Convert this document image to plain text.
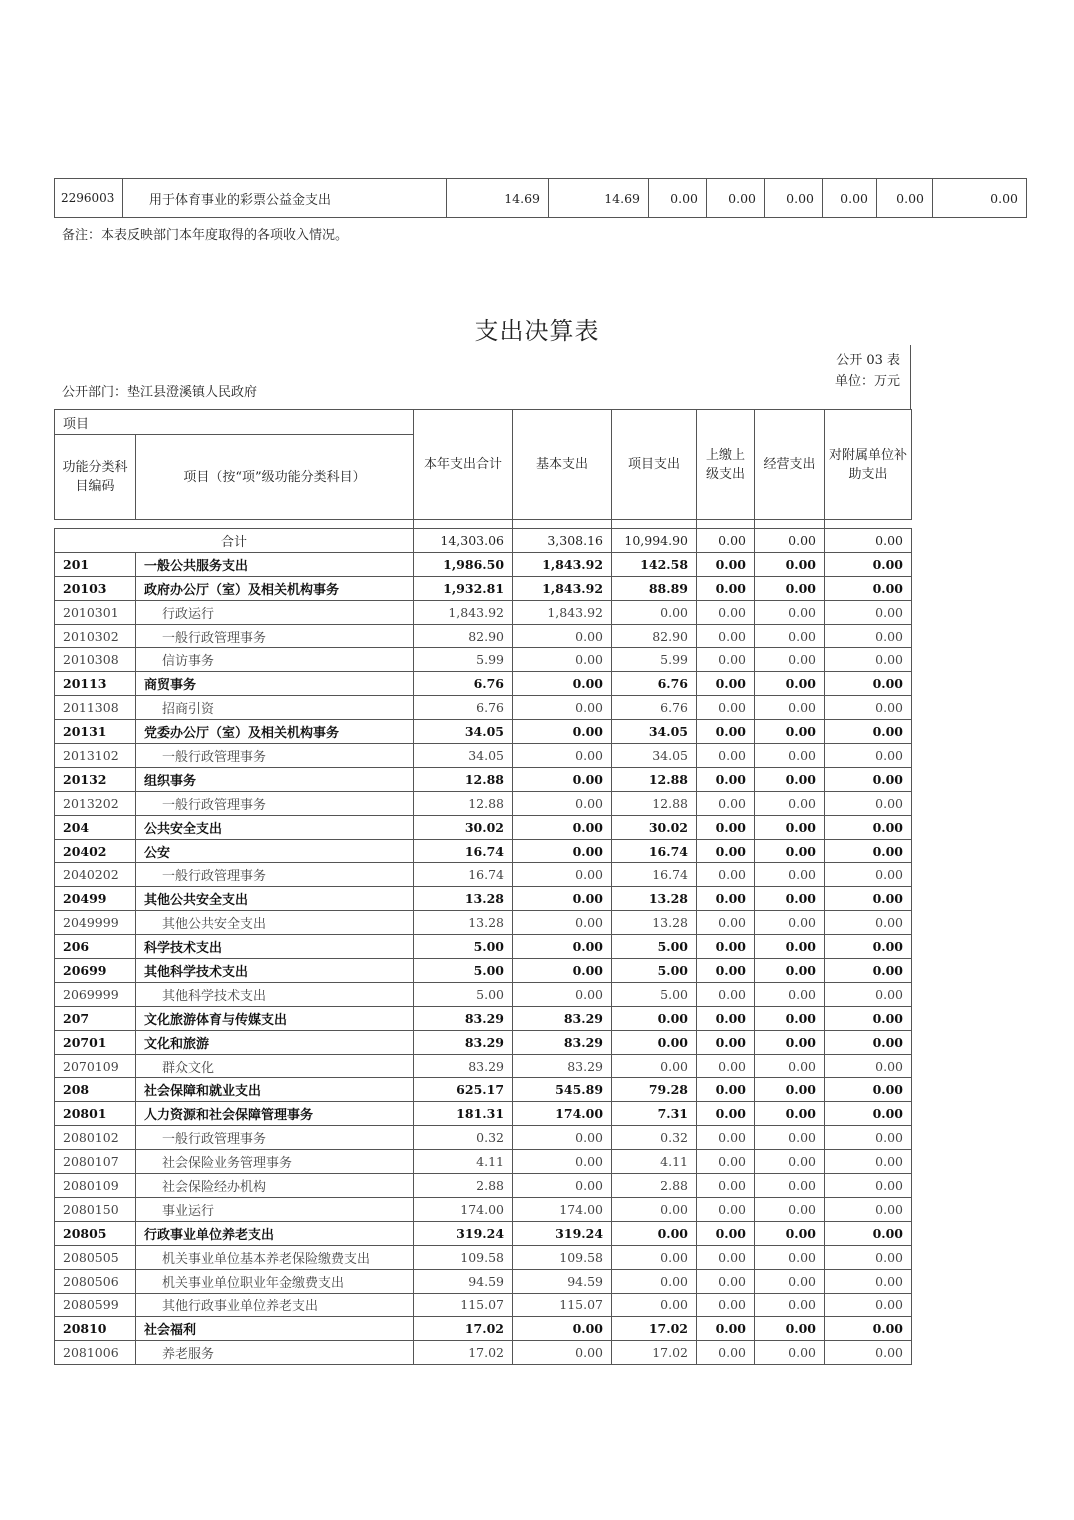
2296003	用于体育事业的彩票公益金支出	14.69	14.69	0.00	0.00	0.00	0.00	0.00	0.00
备注：本表反映部门本年度取得的各项收入情况。
支出决算表
公开 03 表
单位：万元
公开部门：垫江县澄溪镇人民政府
项目		本年支出合计	基本支出	项目支出	上缴上级支出	经营支出	对附属单位补助支出
功能分类科目编码	项目（按“项”级功能分类科目）						

合计		14,303.06	3,308.16	10,994.90	0.00	0.00	0.00
201	一般公共服务支出	1,986.50	1,843.92	142.58	0.00	0.00	0.00
20103	政府办公厅（室）及相关机构事务	1,932.81	1,843.92	88.89	0.00	0.00	0.00
2010301	行政运行	1,843.92	1,843.92	0.00	0.00	0.00	0.00
2010302	一般行政管理事务	82.90	0.00	82.90	0.00	0.00	0.00
2010308	信访事务	5.99	0.00	5.99	0.00	0.00	0.00
20113	商贸事务	6.76	0.00	6.76	0.00	0.00	0.00
2011308	招商引资	6.76	0.00	6.76	0.00	0.00	0.00
20131	党委办公厅（室）及相关机构事务	34.05	0.00	34.05	0.00	0.00	0.00
2013102	一般行政管理事务	34.05	0.00	34.05	0.00	0.00	0.00
20132	组织事务	12.88	0.00	12.88	0.00	0.00	0.00
2013202	一般行政管理事务	12.88	0.00	12.88	0.00	0.00	0.00
204	公共安全支出	30.02	0.00	30.02	0.00	0.00	0.00
20402	公安	16.74	0.00	16.74	0.00	0.00	0.00
2040202	一般行政管理事务	16.74	0.00	16.74	0.00	0.00	0.00
20499	其他公共安全支出	13.28	0.00	13.28	0.00	0.00	0.00
2049999	其他公共安全支出	13.28	0.00	13.28	0.00	0.00	0.00
206	科学技术支出	5.00	0.00	5.00	0.00	0.00	0.00
20699	其他科学技术支出	5.00	0.00	5.00	0.00	0.00	0.00
2069999	其他科学技术支出	5.00	0.00	5.00	0.00	0.00	0.00
207	文化旅游体育与传媒支出	83.29	83.29	0.00	0.00	0.00	0.00
20701	文化和旅游	83.29	83.29	0.00	0.00	0.00	0.00
2070109	群众文化	83.29	83.29	0.00	0.00	0.00	0.00
208	社会保障和就业支出	625.17	545.89	79.28	0.00	0.00	0.00
20801	人力资源和社会保障管理事务	181.31	174.00	7.31	0.00	0.00	0.00
2080102	一般行政管理事务	0.32	0.00	0.32	0.00	0.00	0.00
2080107	社会保险业务管理事务	4.11	0.00	4.11	0.00	0.00	0.00
2080109	社会保险经办机构	2.88	0.00	2.88	0.00	0.00	0.00
2080150	事业运行	174.00	174.00	0.00	0.00	0.00	0.00
20805	行政事业单位养老支出	319.24	319.24	0.00	0.00	0.00	0.00
2080505	机关事业单位基本养老保险缴费支出	109.58	109.58	0.00	0.00	0.00	0.00
2080506	机关事业单位职业年金缴费支出	94.59	94.59	0.00	0.00	0.00	0.00
2080599	其他行政事业单位养老支出	115.07	115.07	0.00	0.00	0.00	0.00
20810	社会福利	17.02	0.00	17.02	0.00	0.00	0.00
2081006	养老服务	17.02	0.00	17.02	0.00	0.00	0.00
